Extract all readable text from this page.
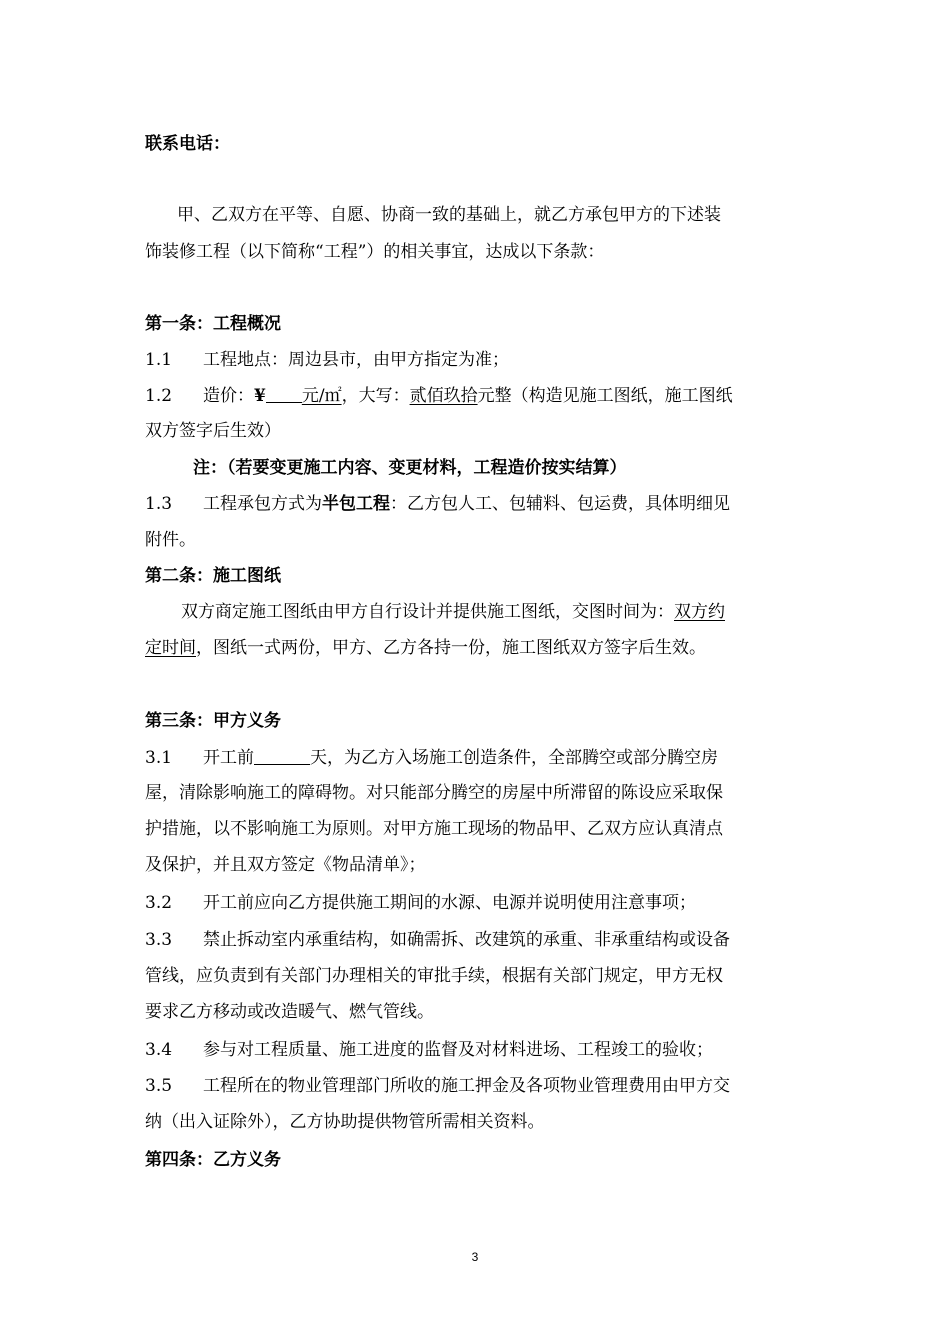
联系电话：
甲、乙双方在平等、自愿、协商一致的基础上，就乙方承包甲方的下述装
饰装修工程（以下简称“工程”）的相关事宜，达成以下条款：
第一条：工程概况
1.1 工程地点：周边县市，由甲方指定为准；
1.2 造价：¥ 元/㎡，大写：贰佰玖拾元整（构造见施工图纸，施工图纸
双方签字后生效）
注：（若要变更施工内容、变更材料，工程造价按实结算）
1.3 工程承包方式为半包工程：乙方包人工、包辅料、包运费，具体明细见
附件。
第二条：施工图纸
双方商定施工图纸由甲方自行设计并提供施工图纸，交图时间为：双方约
定时间，图纸一式两份，甲方、乙方各持一份，施工图纸双方签字后生效。
第三条：甲方义务
3.1 开工前	天，为乙方入场施工创造条件，全部腾空或部分腾空房
屋，清除影响施工的障碍物。对只能部分腾空的房屋中所滞留的陈设应采取保
护措施，以不影响施工为原则。对甲方施工现场的物品甲、乙双方应认真清点
及保护，并且双方签定《物品清单》；
3.2 开工前应向乙方提供施工期间的水源、电源并说明使用注意事项；
3.3 禁止拆动室内承重结构，如确需拆、改建筑的承重、非承重结构或设备
管线，应负责到有关部门办理相关的审批手续，根据有关部门规定，甲方无权
要求乙方移动或改造暖气、燃气管线。
3.4 参与对工程质量、施工进度的监督及对材料进场、工程竣工的验收；
3.5 工程所在的物业管理部门所收的施工押金及各项物业管理费用由甲方交
纳（出入证除外），乙方协助提供物管所需相关资料。
第四条：乙方义务
3
